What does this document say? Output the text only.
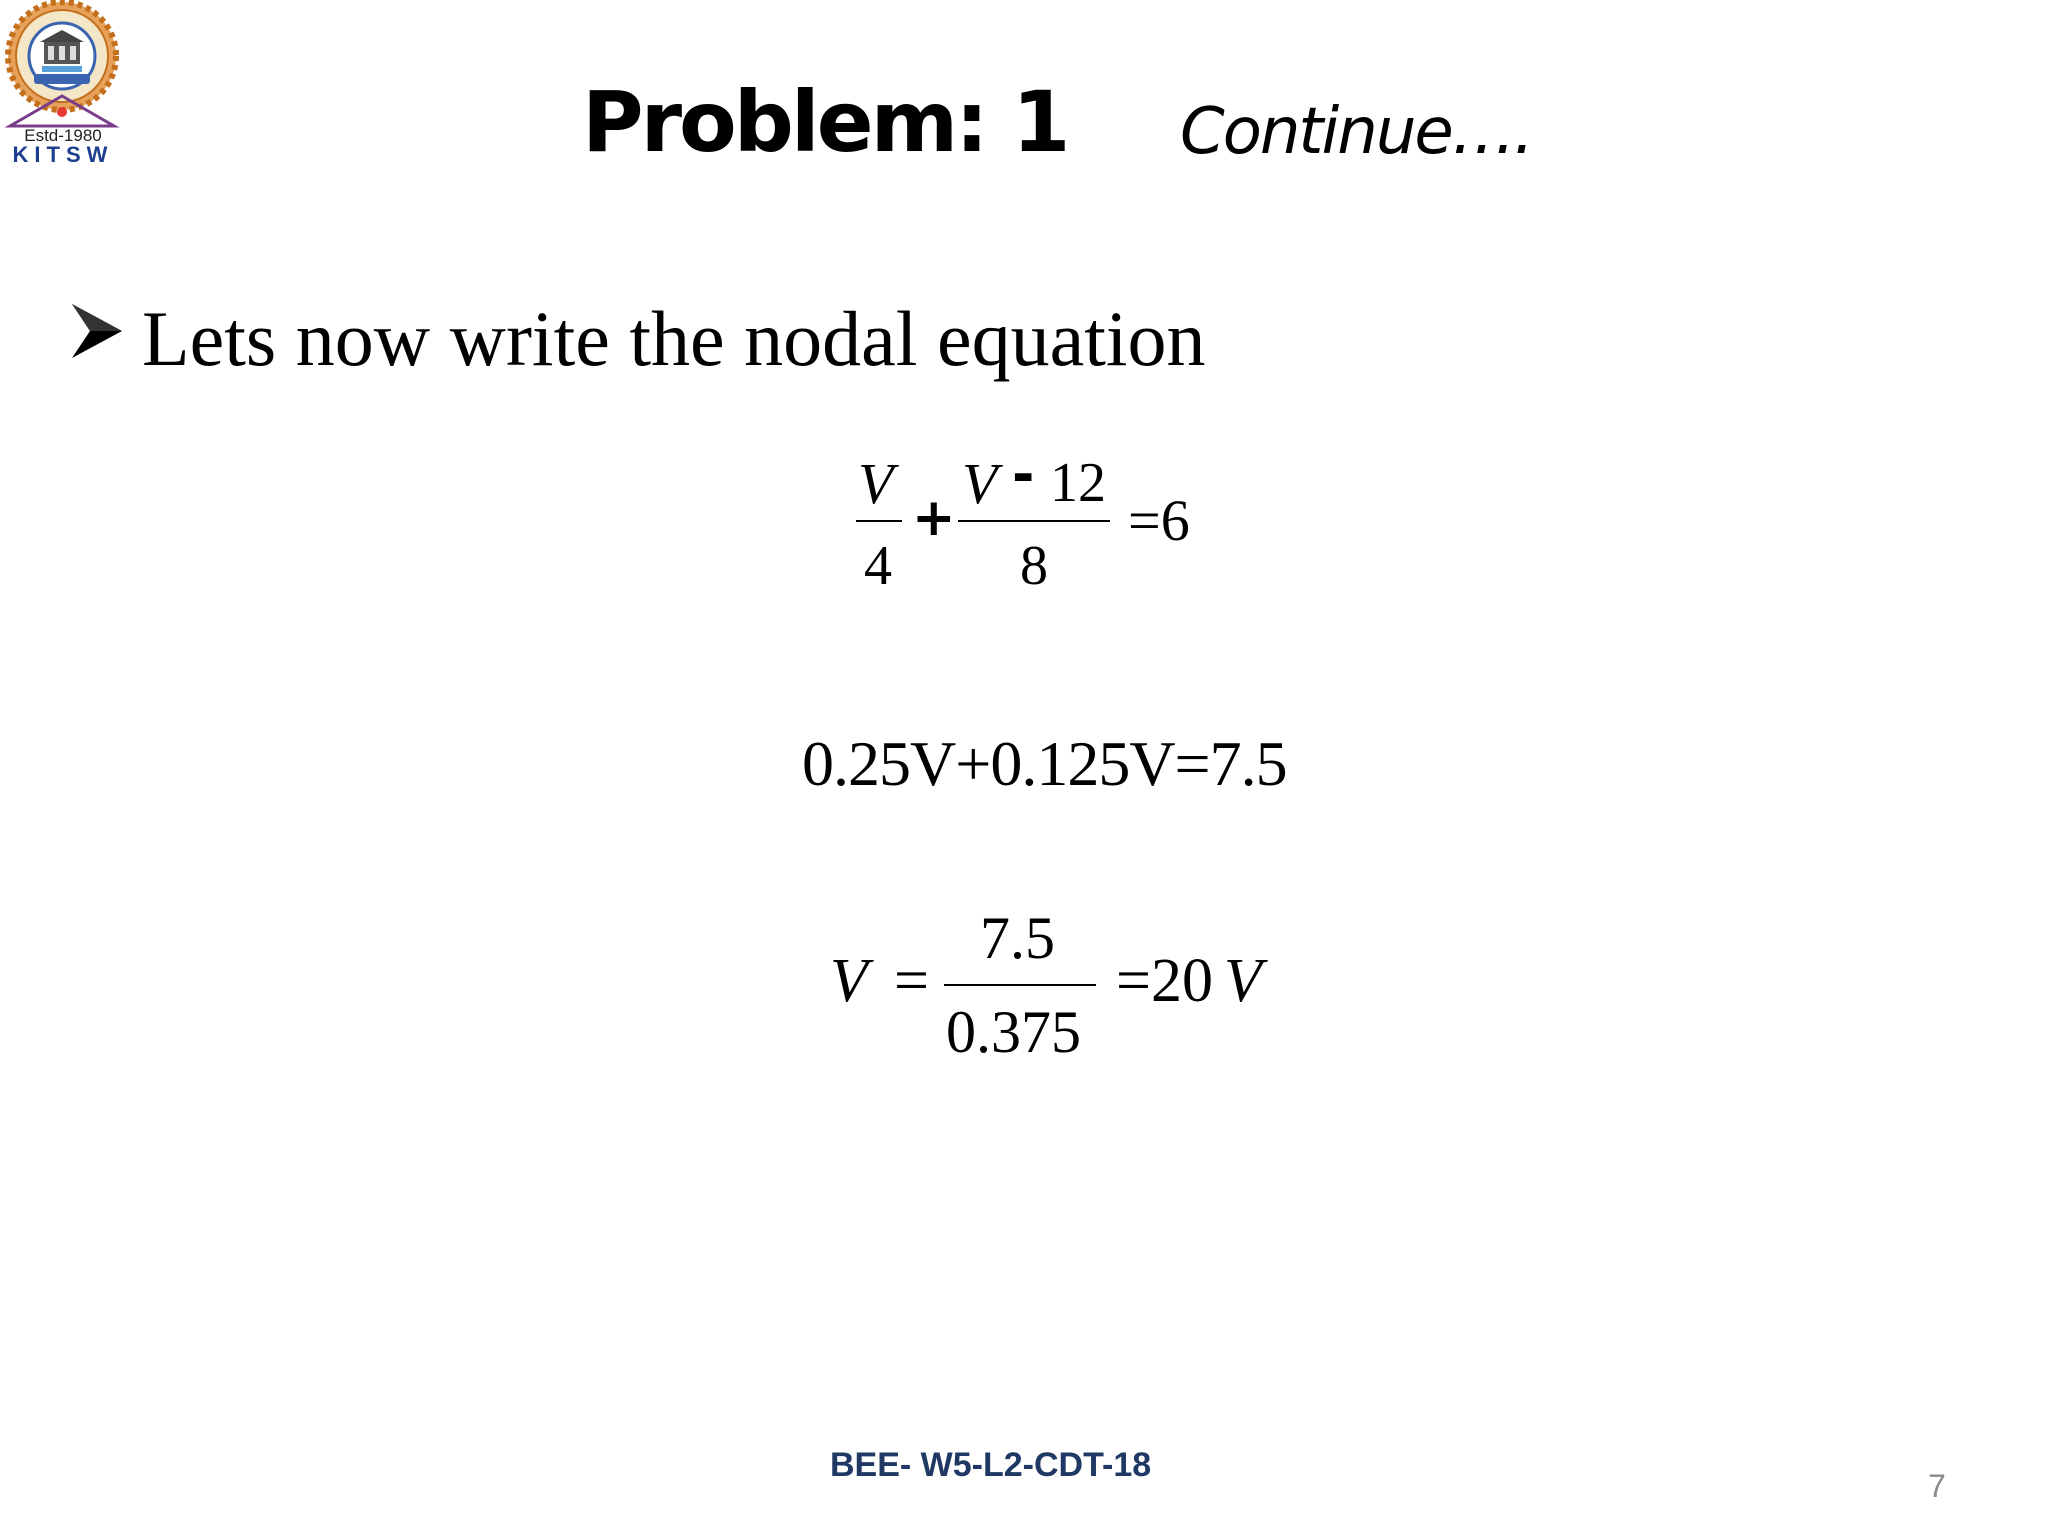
Estd-1980
KITSW	Problem: 1 Continue….
Lets now write the nodal equation
V
4
+
V - 12
8
=6
0.25V+0.125V=7.5
V =
7.5
0.375
=20 V
BEE- W5-L2-CDT-18
7
